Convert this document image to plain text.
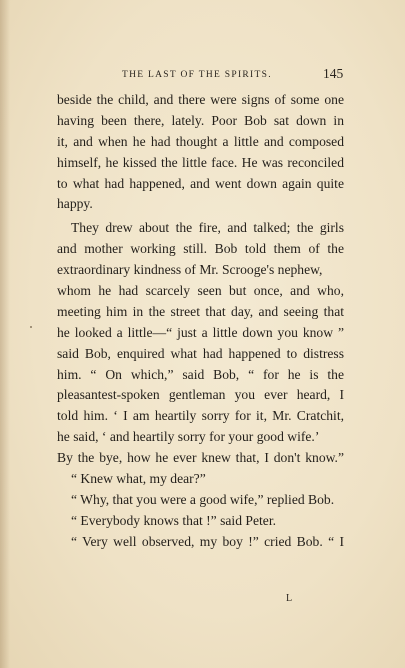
THE LAST OF THE SPIRITS.	145
beside the child, and there were signs of some one
having been there, lately. Poor Bob sat down in
it, and when he had thought a little and composed
himself, he kissed the little face. He was reconciled
to what had happened, and went down again quite
happy.
They drew about the fire, and talked; the girls
and mother working still. Bob told them of the
extraordinary kindness of Mr. Scrooge's nephew,
whom he had scarcely seen but once, and who,
meeting him in the street that day, and seeing that
he looked a little—“ just a little down you know ”
said Bob, enquired what had happened to distress
him. “ On which,” said Bob, “ for he is the
pleasantest-spoken gentleman you ever heard, I
told him. ‘ I am heartily sorry for it, Mr. Cratchit,
he said, ‘ and heartily sorry for your good wife.’
By the bye, how he ever knew that, I don't know.”
“ Knew what, my dear?”
“ Why, that you were a good wife,” replied Bob.
“ Everybody knows that !” said Peter.
“ Very well observed, my boy !” cried Bob. “ I
L
